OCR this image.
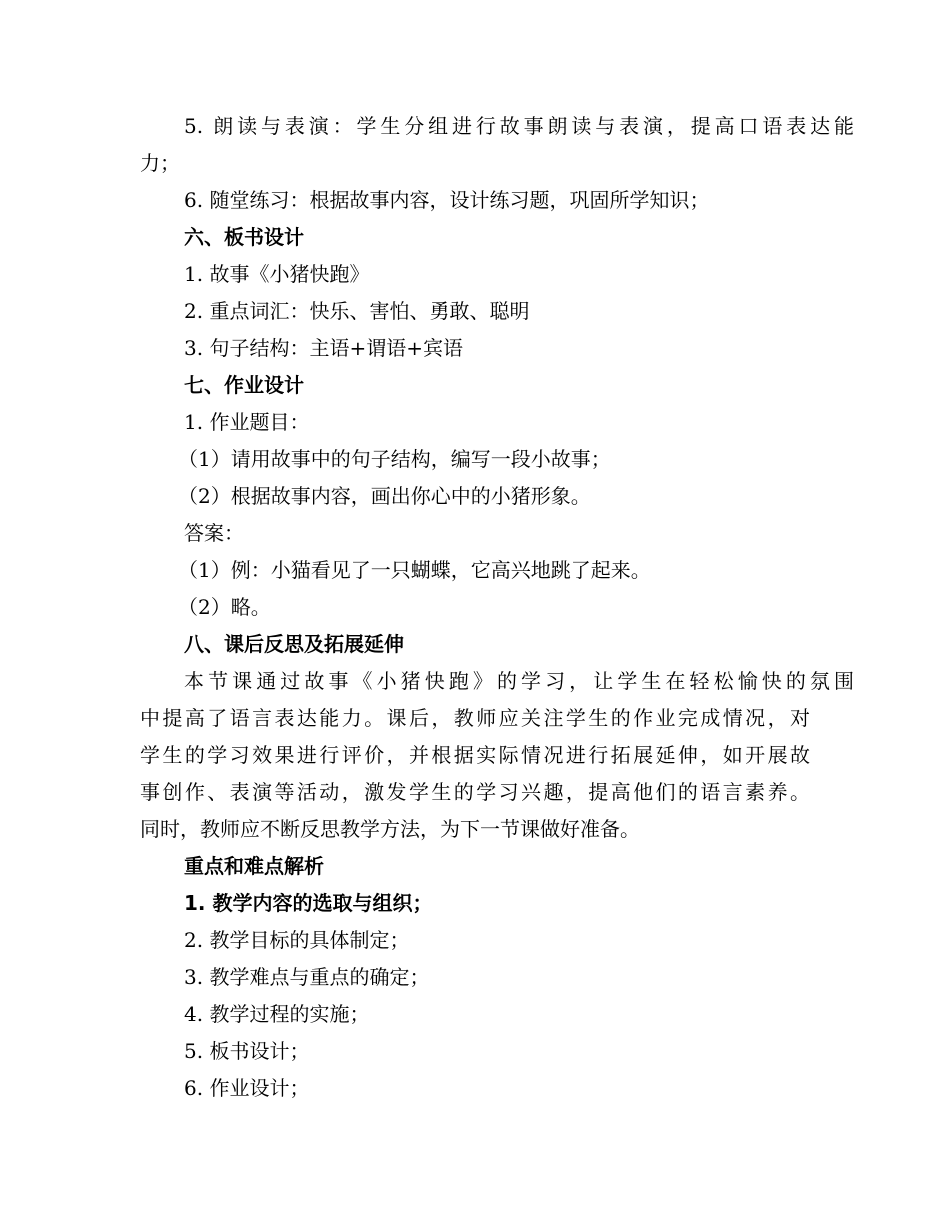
5. 朗读与表演：学生分组进行故事朗读与表演，提高口语表达能
力；
6. 随堂练习：根据故事内容，设计练习题，巩固所学知识；
六、板书设计
1. 故事《小猪快跑》
2. 重点词汇：快乐、害怕、勇敢、聪明
3. 句子结构：主语+谓语+宾语
七、作业设计
1. 作业题目：
（1）请用故事中的句子结构，编写一段小故事；
（2）根据故事内容，画出你心中的小猪形象。
答案：
（1）例：小猫看见了一只蝴蝶，它高兴地跳了起来。
（2）略。
八、课后反思及拓展延伸
本节课通过故事《小猪快跑》的学习，让学生在轻松愉快的氛围
中提高了语言表达能力。课后，教师应关注学生的作业完成情况，对
学生的学习效果进行评价，并根据实际情况进行拓展延伸，如开展故
事创作、表演等活动，激发学生的学习兴趣，提高他们的语言素养。
同时，教师应不断反思教学方法，为下一节课做好准备。
重点和难点解析
1. 教学内容的选取与组织；
2. 教学目标的具体制定；
3. 教学难点与重点的确定；
4. 教学过程的实施；
5. 板书设计；
6. 作业设计；
